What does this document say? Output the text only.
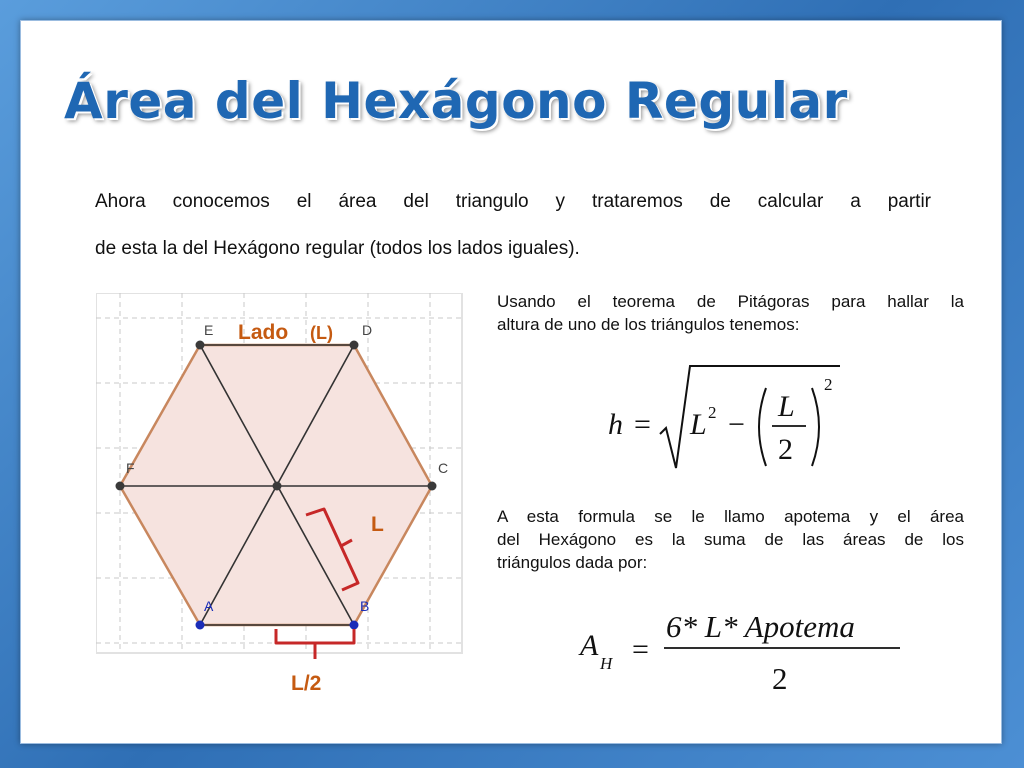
Área del Hexágono Regular

Ahora conocemos el área del triangulo y trataremos de calcular a partir
de esta la del Hexágono regular (todos los lados iguales).

Usando el teorema de Pitágoras para hallar la
altura de uno de los triángulos tenemos:

h = L 2 −
L
2
2

A esta formula se le llamo apotema y el área
del Hexágono es la suma de las áreas de los
triángulos dada por:

A
H =
6* L* Apotema
2
E	D
F	C
A	B
Lado (L)
L
L/2
